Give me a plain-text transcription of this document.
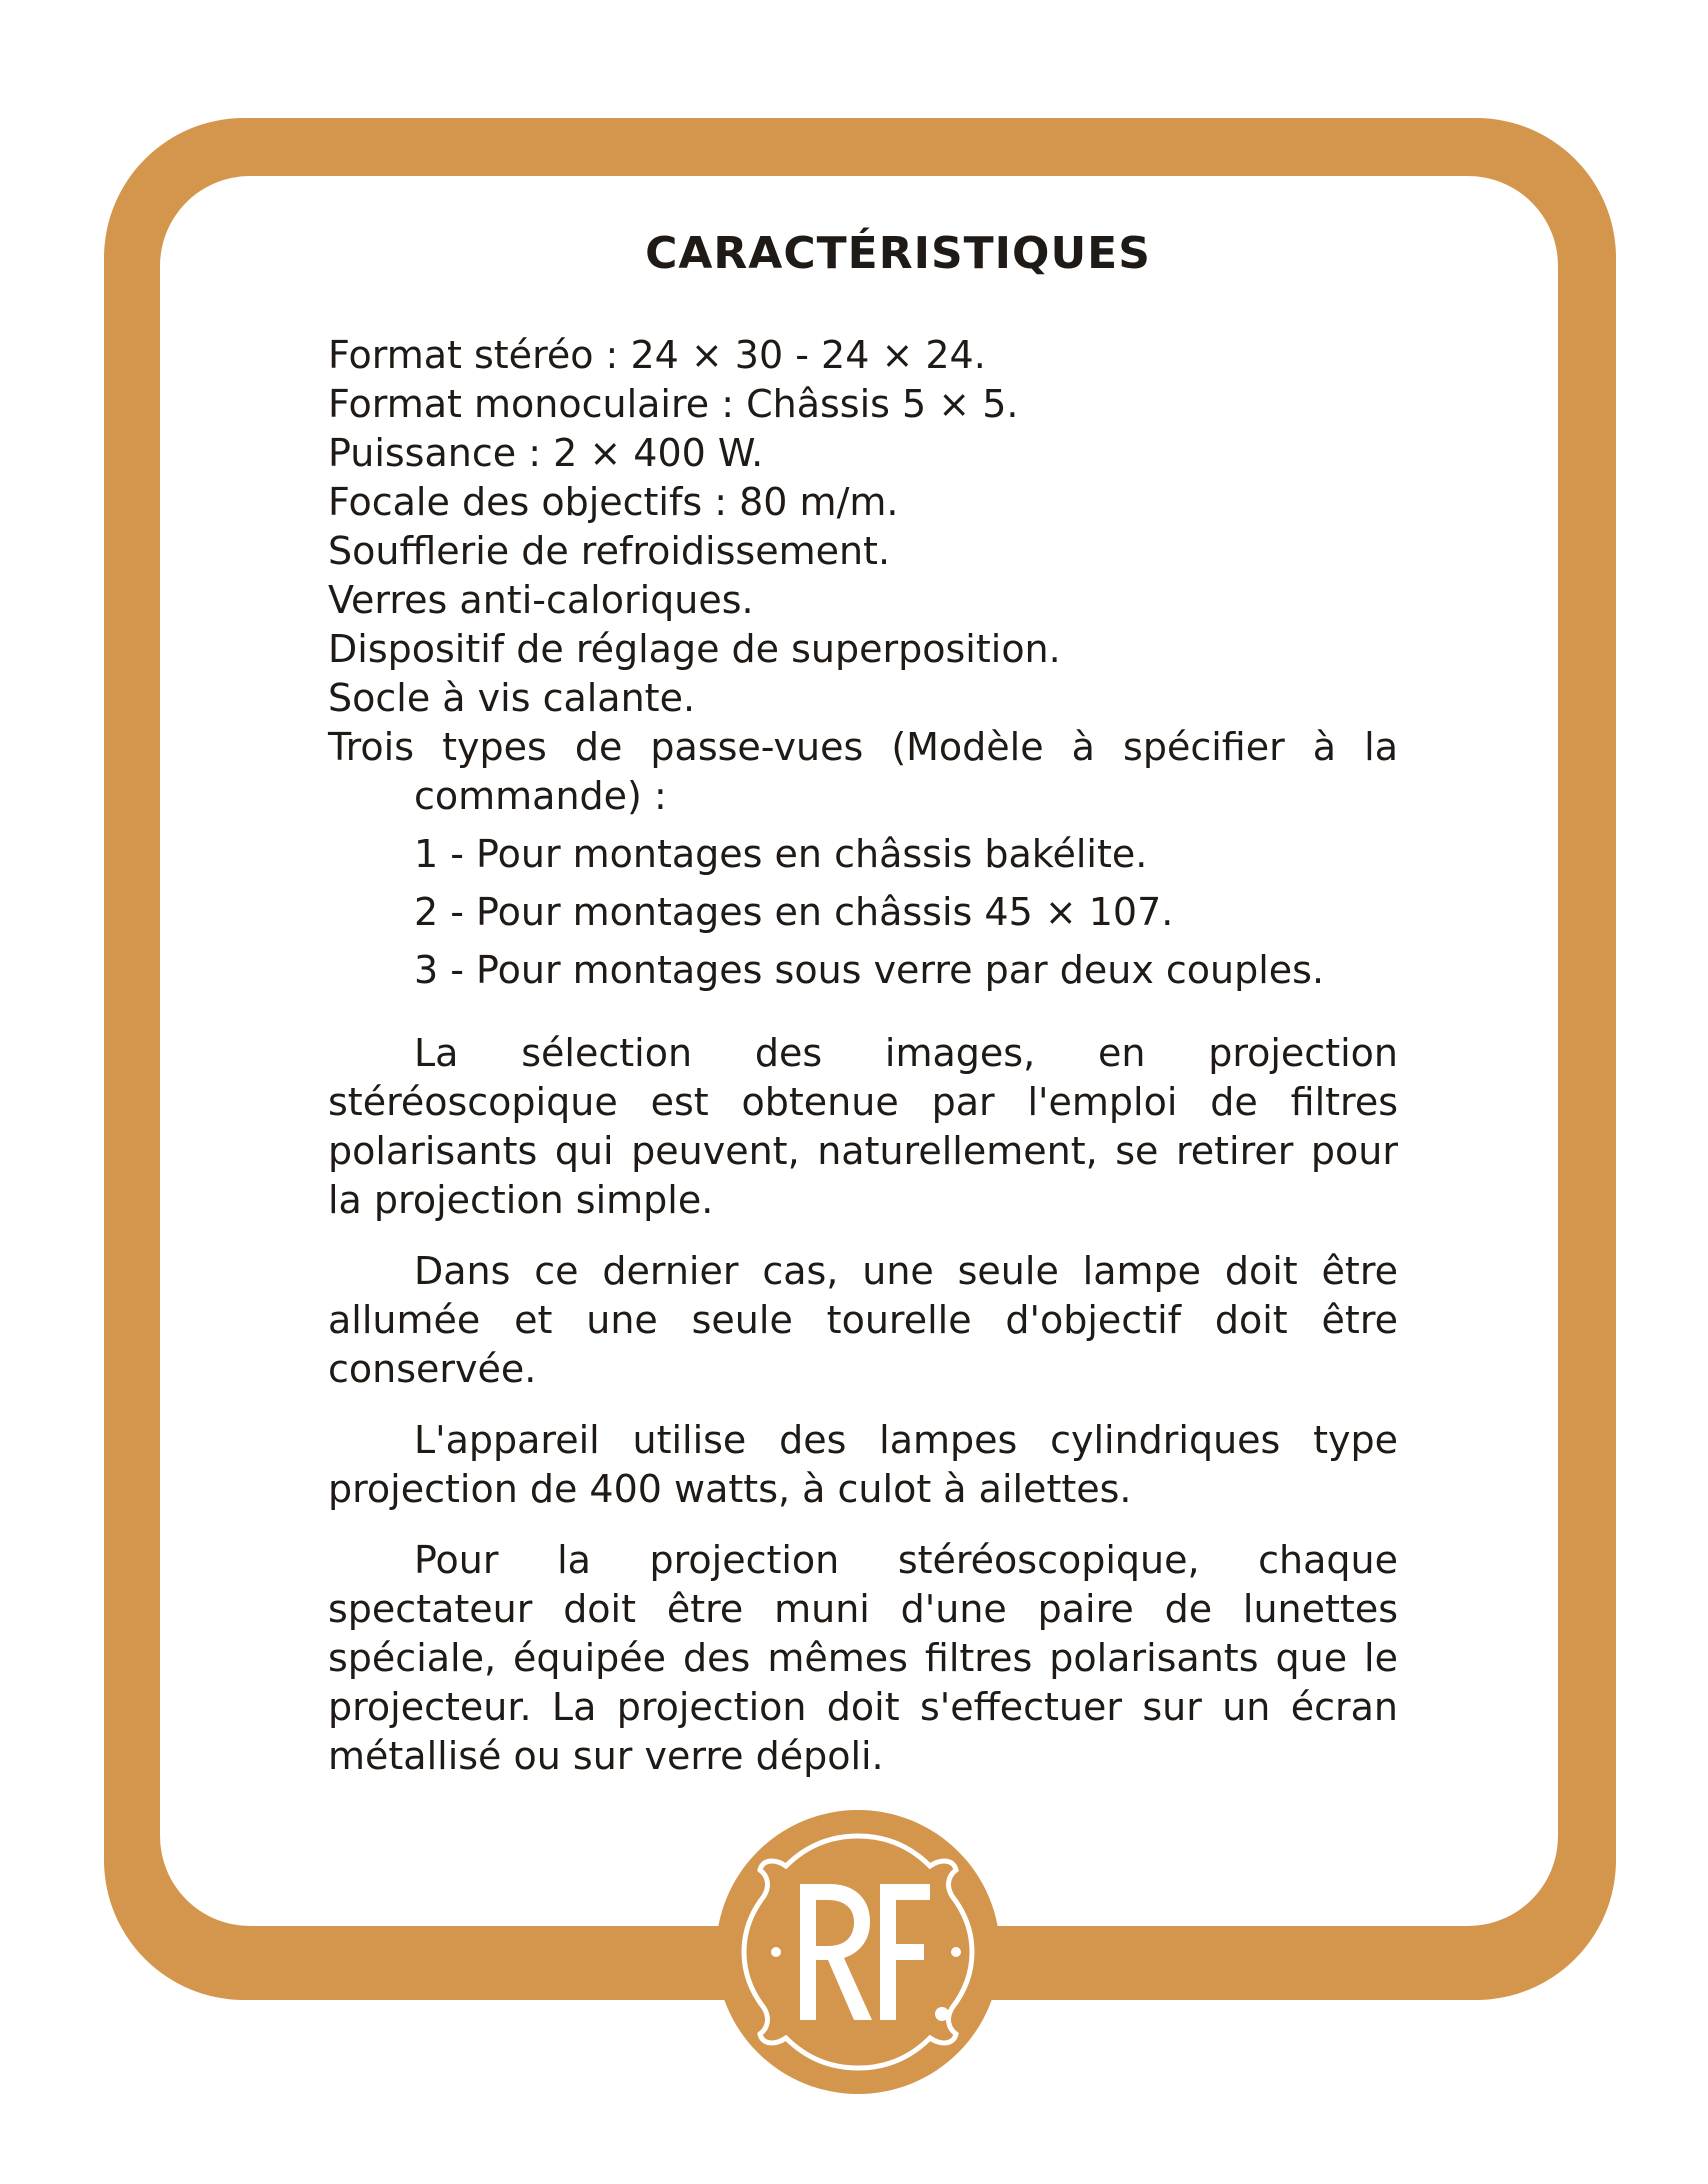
CARACTÉRISTIQUES
Format stéréo : 24 × 30 - 24 × 24.
Format monoculaire : Châssis 5 × 5.
Puissance : 2 × 400 W.
Focale des objectifs : 80 m/m.
Soufflerie de refroidissement.
Verres anti-caloriques.
Dispositif de réglage de superposition.
Socle à vis calante.
Trois types de passe-vues (Modèle à spécifier à la commande) :
1 - Pour montages en châssis bakélite.
2 - Pour montages en châssis 45 × 107.
3 - Pour montages sous verre par deux couples.

La sélection des images, en projection stéréoscopique est obtenue par l'emploi de filtres polarisants qui peuvent, naturellement, se retirer pour la projection simple.

Dans ce dernier cas, une seule lampe doit être allumée et une seule tourelle d'objectif doit être conservée.

L'appareil utilise des lampes cylindriques type projection de 400 watts, à culot à ailettes.

Pour la projection stéréoscopique, chaque spectateur doit être muni d'une paire de lunettes spéciale, équipée des mêmes filtres polarisants que le projecteur. La projection doit s'effectuer sur un écran métallisé ou sur verre dépoli.
